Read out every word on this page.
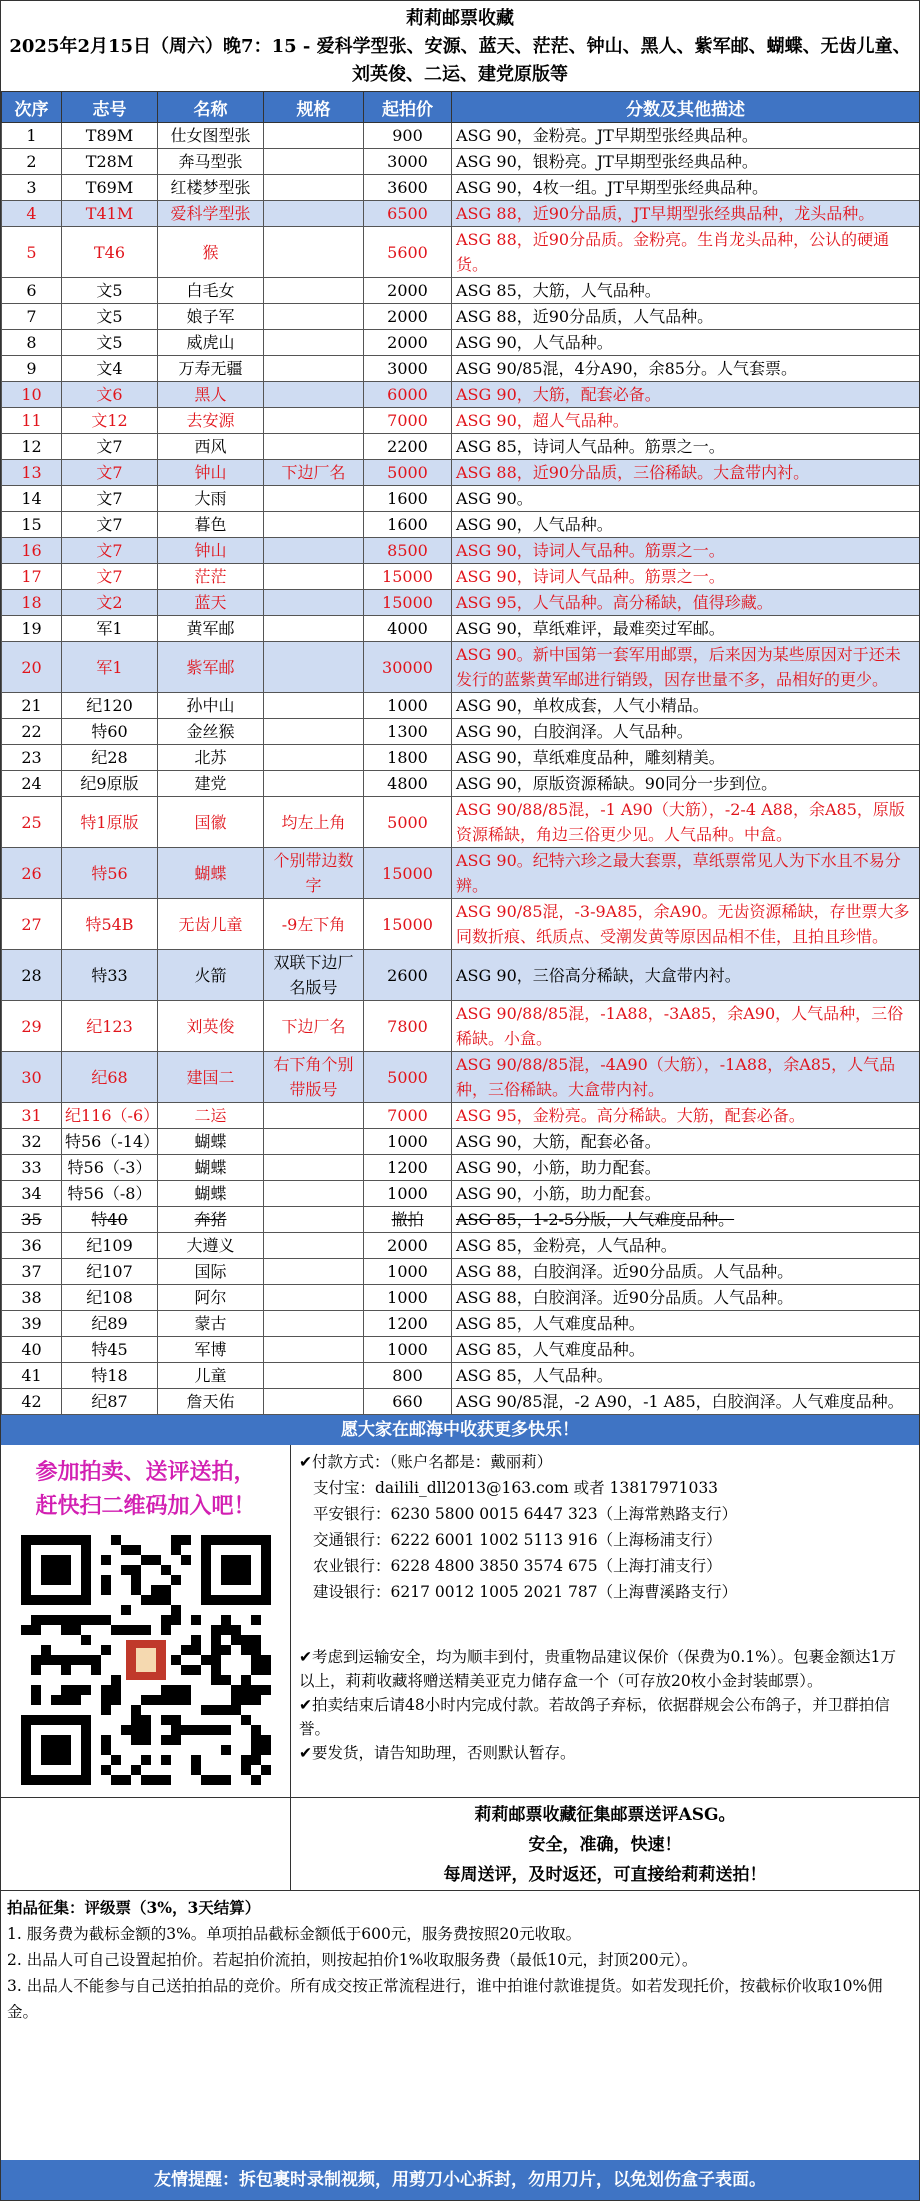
莉莉邮票收藏
2025年2月15日（周六）晚7：15 - 爱科学型张、安源、蓝天、茫茫、钟山、黑人、紫军邮、蝴蝶、无齿儿童、刘英俊、二运、建党原版等
次序	志号	名称	规格	起拍价	分数及其他描述
1	T89M	仕女图型张		900	ASG 90，金粉亮。JT早期型张经典品种。
2	T28M	奔马型张		3000	ASG 90，银粉亮。JT早期型张经典品种。
3	T69M	红楼梦型张		3600	ASG 90，4枚一组。JT早期型张经典品种。
4	T41M	爱科学型张		6500	ASG 88，近90分品质，JT早期型张经典品种，龙头品种。
5	T46	猴		5600	ASG 88，近90分品质。金粉亮。生肖龙头品种，公认的硬通货。
6	文5	白毛女		2000	ASG 85，大筋，人气品种。
7	文5	娘子军		2000	ASG 88，近90分品质，人气品种。
8	文5	威虎山		2000	ASG 90，人气品种。
9	文4	万寿无疆		3000	ASG 90/85混，4分A90，余85分。人气套票。
10	文6	黑人		6000	ASG 90，大筋，配套必备。
11	文12	去安源		7000	ASG 90，超人气品种。
12	文7	西风		2200	ASG 85，诗词人气品种。筋票之一。
13	文7	钟山	下边厂名	5000	ASG 88，近90分品质，三俗稀缺。大盒带内衬。
14	文7	大雨		1600	ASG 90。
15	文7	暮色		1600	ASG 90，人气品种。
16	文7	钟山		8500	ASG 90，诗词人气品种。筋票之一。
17	文7	茫茫		15000	ASG 90，诗词人气品种。筋票之一。
18	文2	蓝天		15000	ASG 95，人气品种。高分稀缺，值得珍藏。
19	军1	黄军邮		4000	ASG 90，草纸难评，最难奕过军邮。
20	军1	紫军邮		30000	ASG 90。新中国第一套军用邮票，后来因为某些原因对于还未发行的蓝紫黄军邮进行销毁，因存世量不多，品相好的更少。
21	纪120	孙中山		1000	ASG 90，单枚成套，人气小精品。
22	特60	金丝猴		1300	ASG 90，白胶润泽。人气品种。
23	纪28	北苏		1800	ASG 90，草纸难度品种，雕刻精美。
24	纪9原版	建党		4800	ASG 90，原版资源稀缺。90同分一步到位。
25	特1原版	国徽	均左上角	5000	ASG 90/88/85混，-1 A90（大筋），-2-4 A88，余A85，原版资源稀缺，角边三俗更少见。人气品种。中盒。
26	特56	蝴蝶	个别带边数字	15000	ASG 90。纪特六珍之最大套票，草纸票常见人为下水且不易分辨。
27	特54B	无齿儿童	-9左下角	15000	ASG 90/85混，-3-9A85，余A90。无齿资源稀缺，存世票大多同数折痕、纸质点、受潮发黄等原因品相不佳，且拍且珍惜。
28	特33	火箭	双联下边厂名版号	2600	ASG 90，三俗高分稀缺，大盒带内衬。
29	纪123	刘英俊	下边厂名	7800	ASG 90/88/85混，-1A88，-3A85，余A90，人气品种，三俗稀缺。小盒。
30	纪68	建国二	右下角个别带版号	5000	ASG 90/88/85混，-4A90（大筋），-1A88，余A85，人气品种，三俗稀缺。大盒带内衬。
31	纪116（-6）	二运		7000	ASG 95，金粉亮。高分稀缺。大筋，配套必备。
32	特56（-14）	蝴蝶		1000	ASG 90，大筋，配套必备。
33	特56（-3）	蝴蝶		1200	ASG 90，小筋，助力配套。
34	特56（-8）	蝴蝶		1000	ASG 90，小筋，助力配套。
35	特40	奔猪		撤拍	ASG 85，1-2-5分版，人气难度品种。
36	纪109	大遵义		2000	ASG 85，金粉亮，人气品种。
37	纪107	国际		1000	ASG 88，白胶润泽。近90分品质。人气品种。
38	纪108	阿尔		1000	ASG 88，白胶润泽。近90分品质。人气品种。
39	纪89	蒙古		1200	ASG 85，人气难度品种。
40	特45	军博		1000	ASG 85，人气难度品种。
41	特18	儿童		800	ASG 85，人气品种。
42	纪87	詹天佑		660	ASG 90/85混，-2 A90，-1 A85，白胶润泽。人气难度品种。
愿大家在邮海中收获更多快乐！
参加拍卖、送评送拍，
赶快扫二维码加入吧！
✔付款方式：（账户名都是：戴丽莉）
支付宝：dailili_dll2013@163.com 或者 13817971033
平安银行：6230 5800 0015 6447 323（上海常熟路支行）
交通银行：6222 6001 1002 5113 916（上海杨浦支行）
农业银行：6228 4800 3850 3574 675（上海打浦支行）
建设银行：6217 0012 1005 2021 787（上海曹溪路支行）
✔考虑到运输安全，均为顺丰到付，贵重物品建议保价（保费为0.1%）。包裹金额达1万以上，莉莉收藏将赠送精美亚克力储存盒一个（可存放20枚小金封装邮票）。
✔拍卖结束后请48小时内完成付款。若故鸽子弃标，依据群规会公布鸽子，并卫群拍信誉。
✔要发货，请告知助理，否则默认暂存。
莉莉邮票收藏征集邮票送评ASG。
安全，准确，快速！
每周送评，及时返还，可直接给莉莉送拍！
拍品征集：评级票（3%，3天结算）
1. 服务费为截标金额的3%。单项拍品截标金额低于600元，服务费按照20元收取。
2. 出品人可自己设置起拍价。若起拍价流拍，则按起拍价1%收取服务费（最低10元，封顶200元）。
3. 出品人不能参与自己送拍拍品的竞价。所有成交按正常流程进行，谁中拍谁付款谁提货。如若发现托价，按截标价收取10%佣金。
友情提醒：拆包裹时录制视频，用剪刀小心拆封，勿用刀片，以免划伤盒子表面。
